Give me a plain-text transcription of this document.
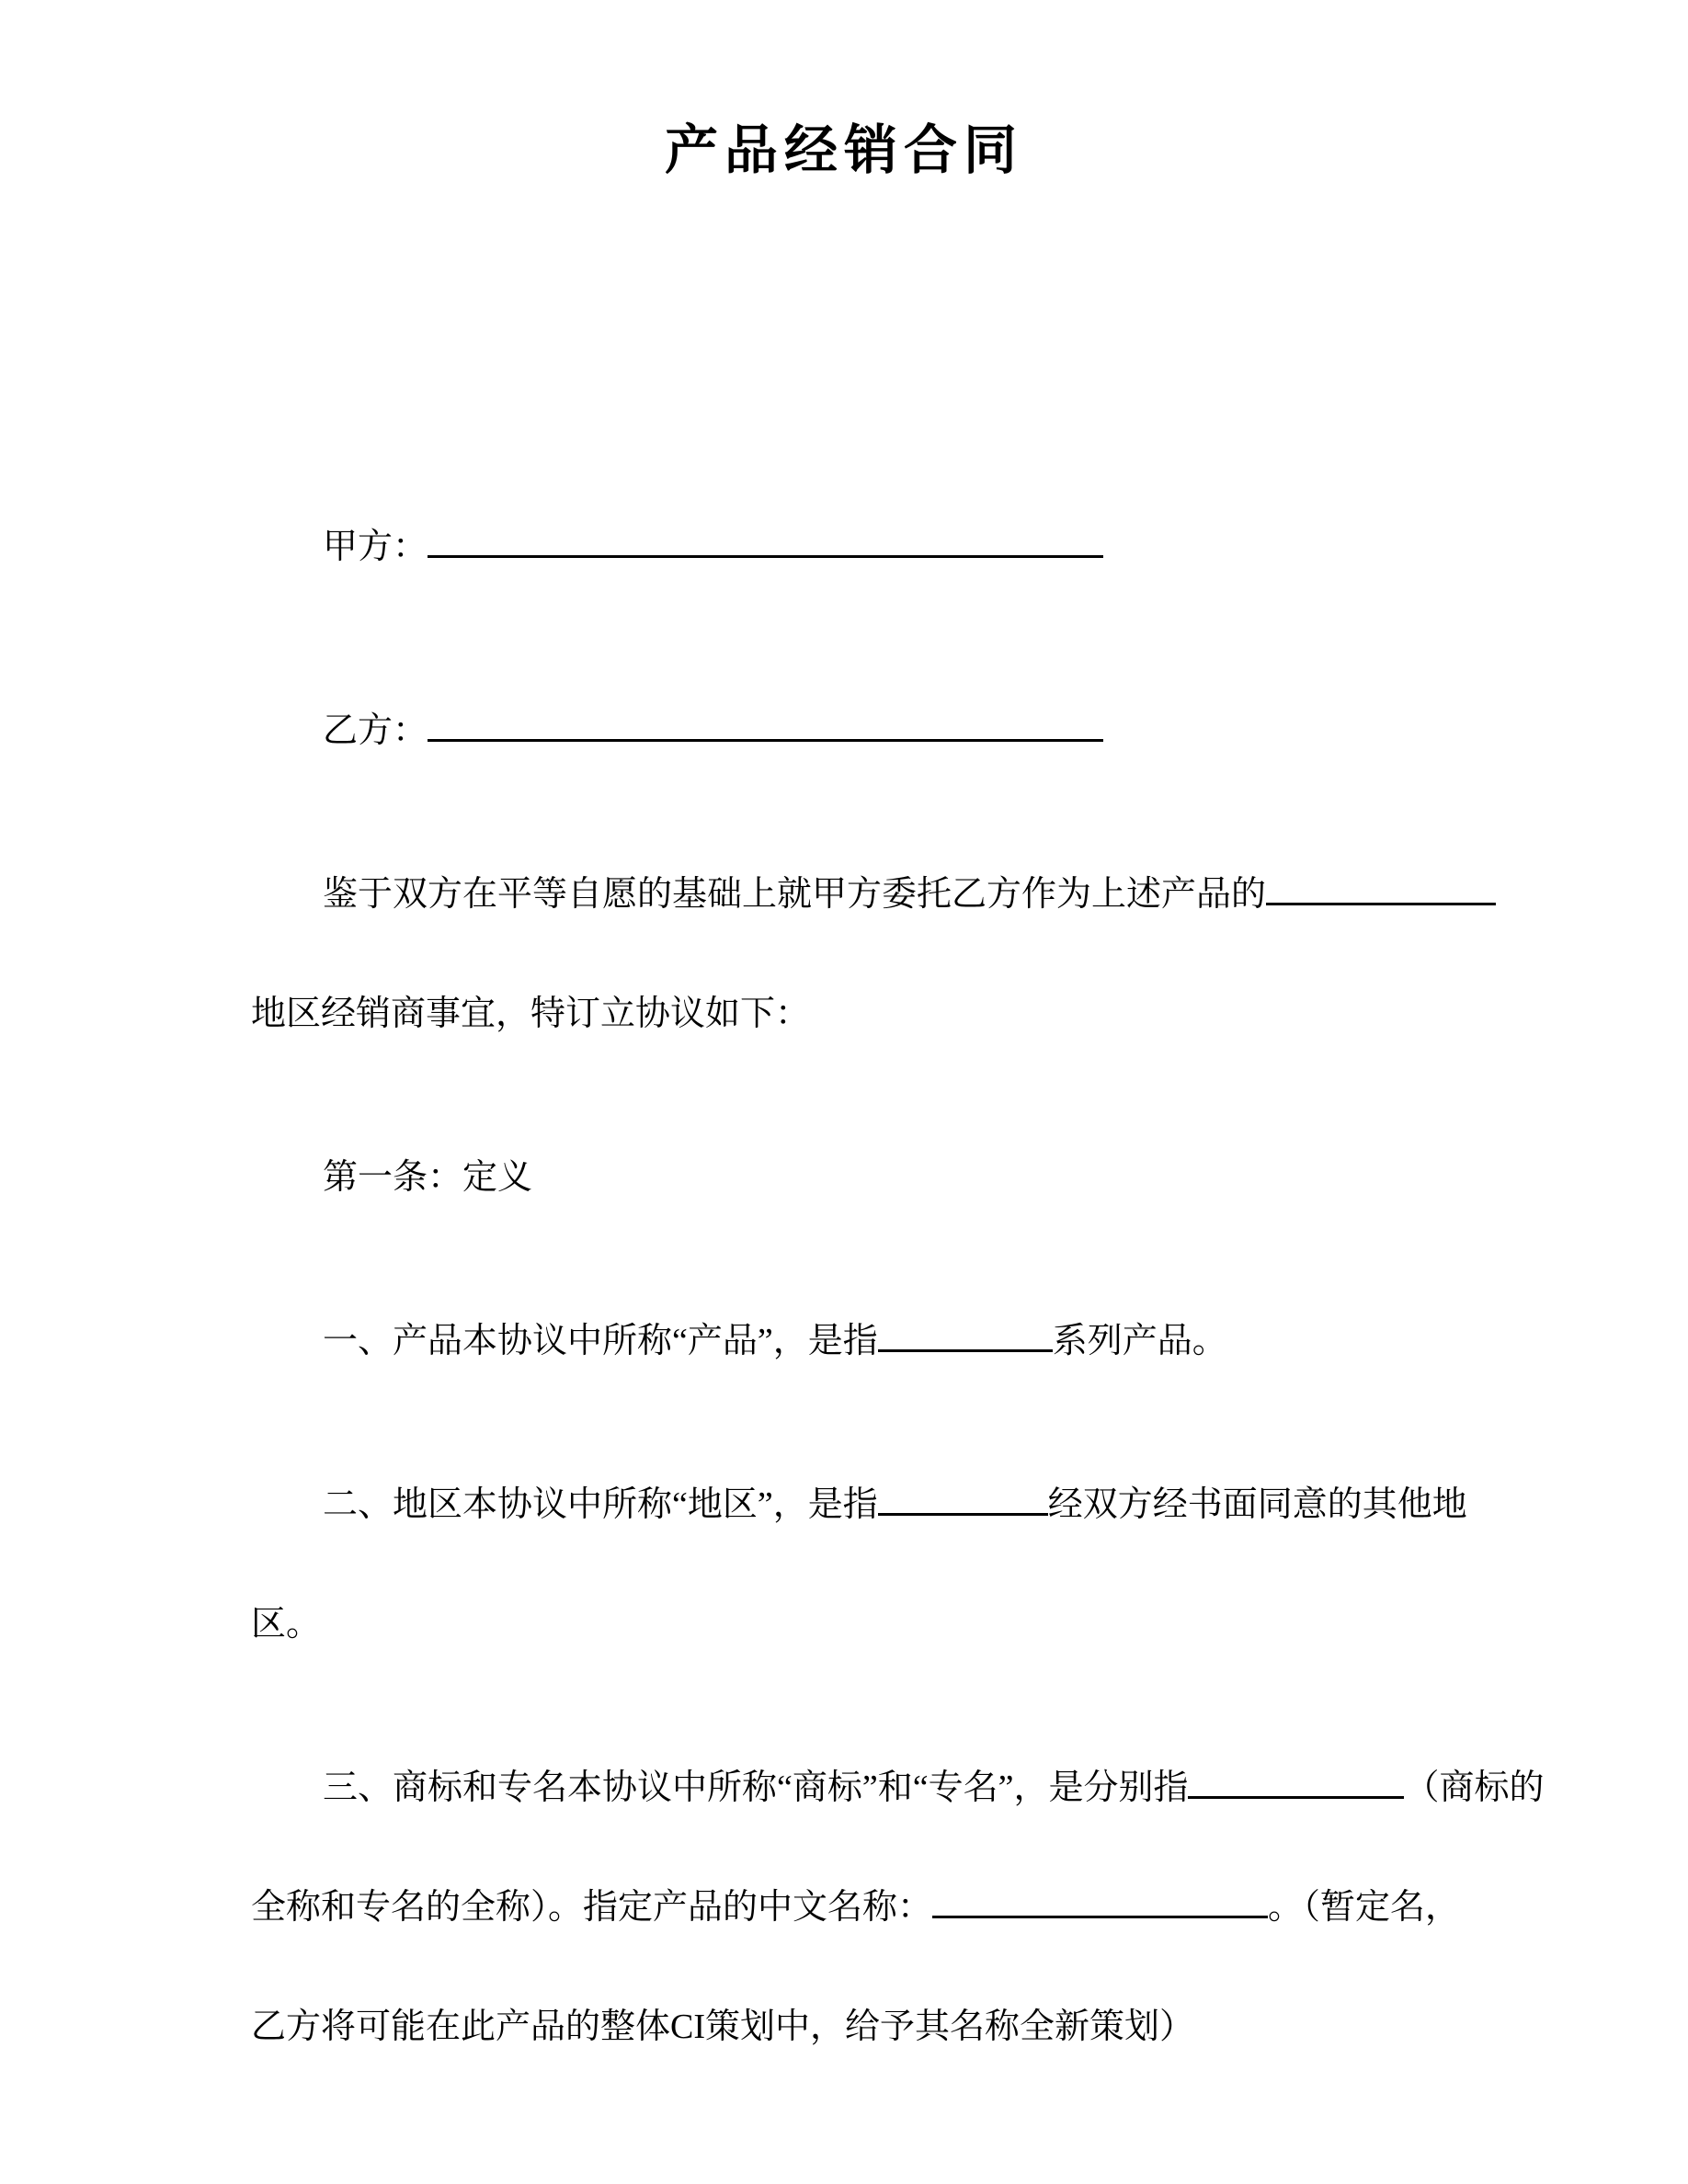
产品经销合同
甲方：
乙方：
鉴于双方在平等自愿的基础上就甲方委托乙方作为上述产品的
地区经销商事宜，特订立协议如下：
第一条：定义
一、产品本协议中所称“产品”，是指	系列产品。
二、地区本协议中所称“地区”，是指	经双方经书面同意的其他地
区。
三、商标和专名本协议中所称“商标”和“专名”，是分别指	（商标的
全称和专名的全称）。指定产品的中文名称：	。（暂定名，
乙方将可能在此产品的整体CI策划中，给予其名称全新策划）
